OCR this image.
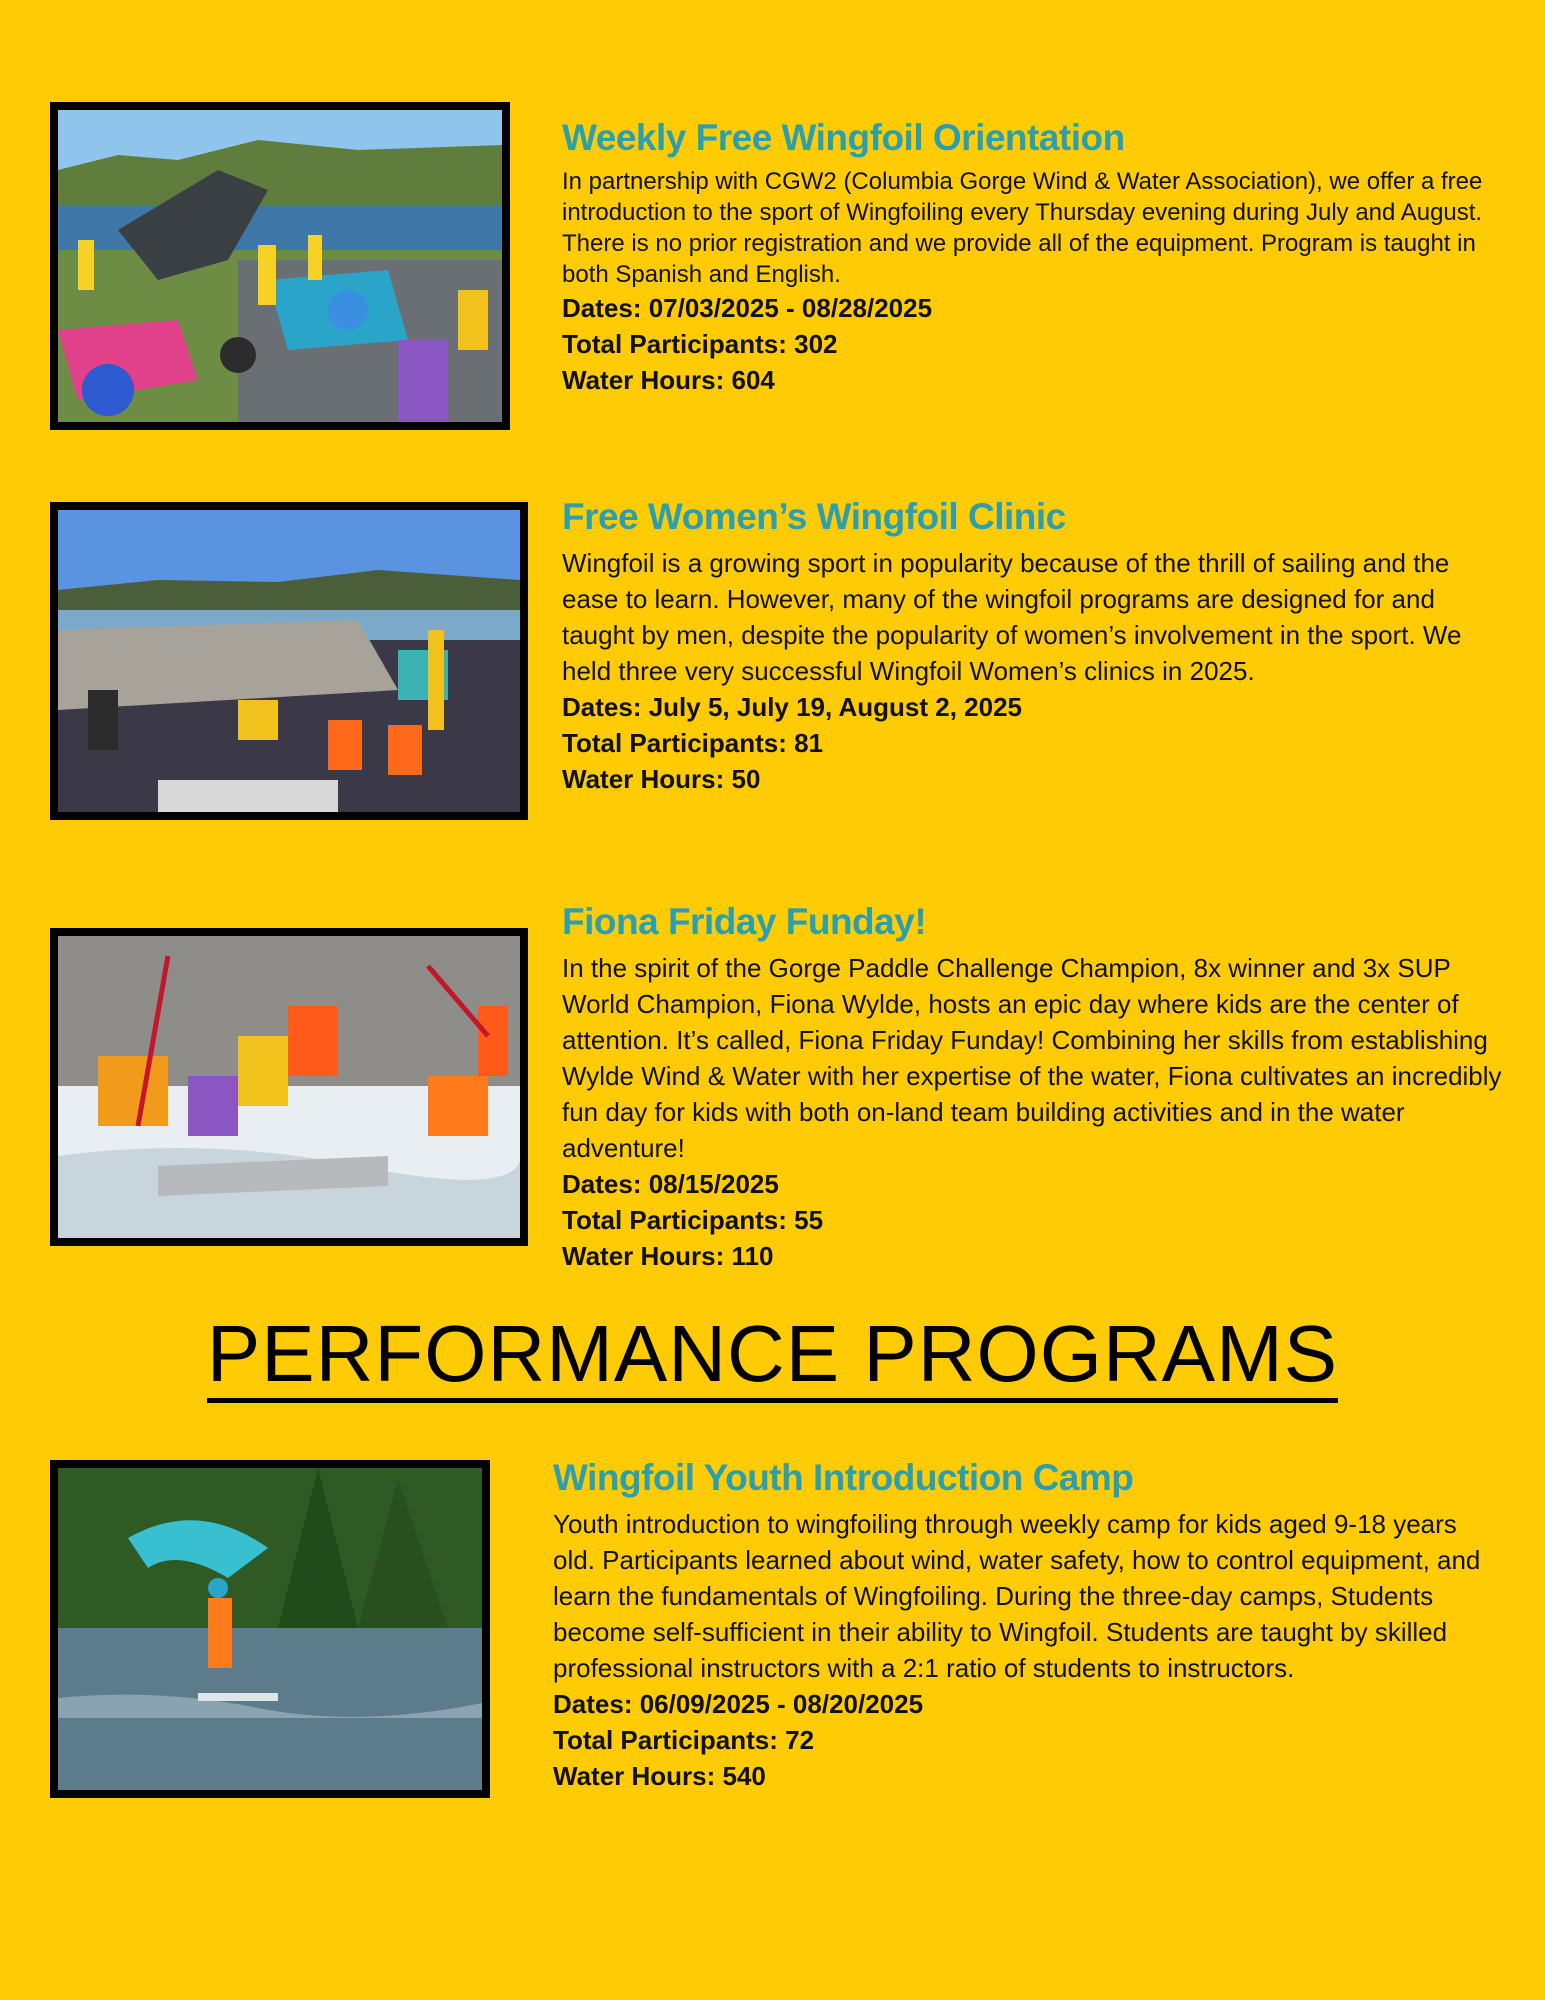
Weekly Free Wingfoil Orientation

In partnership with CGW2 (Columbia Gorge Wind & Water Association), we offer a free introduction to the sport of Wingfoiling every Thursday evening during July and August. There is no prior registration and we provide all of the equipment. Program is taught in both Spanish and English.

Dates: 07/03/2025 - 08/28/2025

Total Participants: 302

Water Hours: 604

Free Women’s Wingfoil Clinic

Wingfoil is a growing sport in popularity because of the thrill of sailing and the ease to learn. However, many of the wingfoil programs are designed for and taught by men, despite the popularity of women’s involvement in the sport. We held three very successful Wingfoil Women’s clinics in 2025.

Dates: July 5, July 19, August 2, 2025

Total Participants: 81

Water Hours: 50

Fiona Friday Funday!

In the spirit of the Gorge Paddle Challenge Champion, 8x winner and 3x SUP World Champion, Fiona Wylde, hosts an epic day where kids are the center of attention. It’s called, Fiona Friday Funday! Combining her skills from establishing Wylde Wind & Water with her expertise of the water, Fiona cultivates an incredibly fun day for kids with both on-land team building activities and in the water adventure!

Dates: 08/15/2025

Total Participants: 55

Water Hours: 110

PERFORMANCE PROGRAMS
Wingfoil Youth Introduction Camp

Youth introduction to wingfoiling through weekly camp for kids aged 9-18 years old. Participants learned about wind, water safety, how to control equipment, and learn the fundamentals of Wingfoiling. During the three-day camps, Students become self-sufficient in their ability to Wingfoil. Students are taught by skilled professional instructors with a 2:1 ratio of students to instructors.

Dates: 06/09/2025 - 08/20/2025

Total Participants: 72

Water Hours: 540
